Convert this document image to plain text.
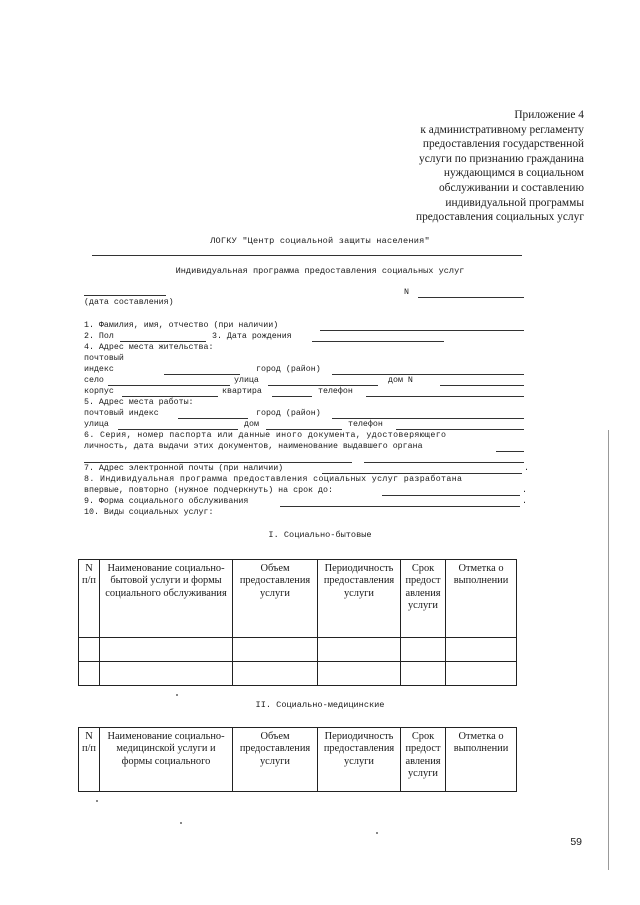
Приложение 4
к административному регламенту
предоставления государственной
услуги по признанию гражданина
нуждающимся в социальном
обслуживании и составлению
индивидуальной программы
предоставления социальных услуг
ЛОГКУ "Центр социальной защиты населения"
Индивидуальная программа предоставления социальных услуг
N
(дата составления)
1. Фамилия, имя, отчество (при наличии)
2. Пол	3. Дата рождения
4. Адрес места жительства:
почтовый
индекс	город (район)
село	улица	дом N
корпус	квартира	телефон
5. Адрес места работы:
почтовый индекс	город (район)
улица	дом	телефон
6. Серия, номер паспорта или данные иного документа, удостоверяющего
личность, дата выдачи этих документов, наименование выдавшего органа
7. Адрес электронной почты (при наличии)	.
8. Индивидуальная программа предоставления социальных услуг разработана
впервые, повторно (нужное подчеркнуть) на срок до:	.
9. Форма социального обслуживания	.
10. Виды социальных услуг:
I. Социально-бытовые
N п/п	Наименование социально-бытовой услуги и формы социального обслуживания	Объем предоставления услуги	Периодичность предоставления услуги	Срок предост авления услуги	Отметка о выполнении

II. Социально-медицинские
N п/п	Наименование социально-медицинской услуги и формы социального	Объем предоставления услуги	Периодичность предоставления услуги	Срок предост авления услуги	Отметка о выполнении
59
